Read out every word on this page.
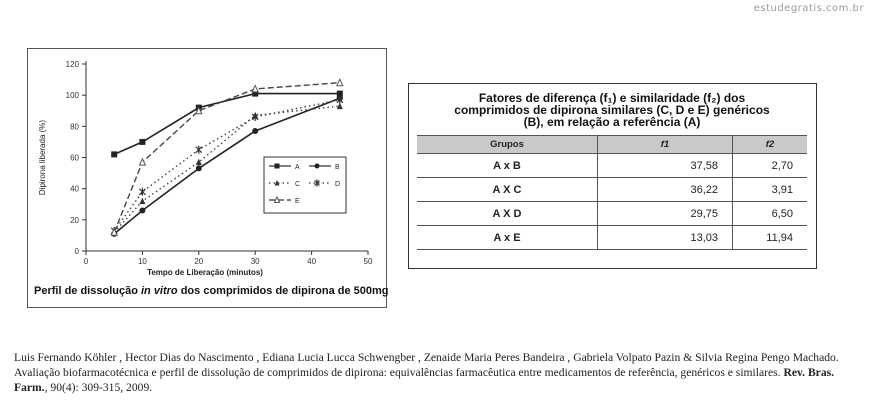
estudegratis.com.br
0
20
40
60
80
100
120
0	10	20	30	40	50
Tempo de Liberação (minutos)
Dipirona liberada (%)	A	B
C	D
E
Perfil de dissolução in vitro dos comprimidos de dipirona de 500mg
Fatores de diferença (f₁) e similaridade (f₂) dos
comprimidos de dipirona similares (C, D e E) genéricos
(B), em relação a referência (A)
Grupos	f1	f2
A x B	37,58	2,70
A X C	36,22	3,91
A X D	29,75	6,50
A x E	13,03	11,94
Luis Fernando Köhler , Hector Dias do Nascimento , Ediana Lucia Lucca Schwengber , Zenaide Maria Peres Bandeira , Gabriela Volpato Pazin & Silvia Regina Pengo Machado. Avaliação biofarmacotécnica e perfil de dissolução de comprimidos de dipirona: equivalências farmacêutica entre medicamentos de referência, genéricos e similares. Rev. Bras. Farm., 90(4): 309-315, 2009.
